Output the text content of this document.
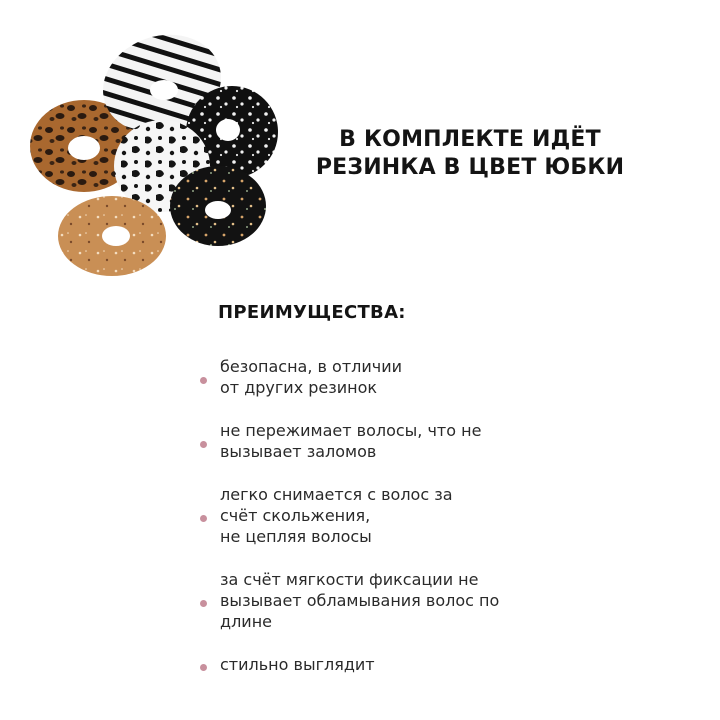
В КОМПЛЕКТЕ ИДЁТ
РЕЗИНКА В ЦВЕТ ЮБКИ
ПРЕИМУЩЕСТВА:
безопасна, в отличии
от других резинок
не пережимает волосы, что не
вызывает заломов
легко снимается с волос за
счёт скольжения,
не цепляя волосы
за счёт мягкости фиксации не
вызывает обламывания волос по
длине
стильно выглядит
